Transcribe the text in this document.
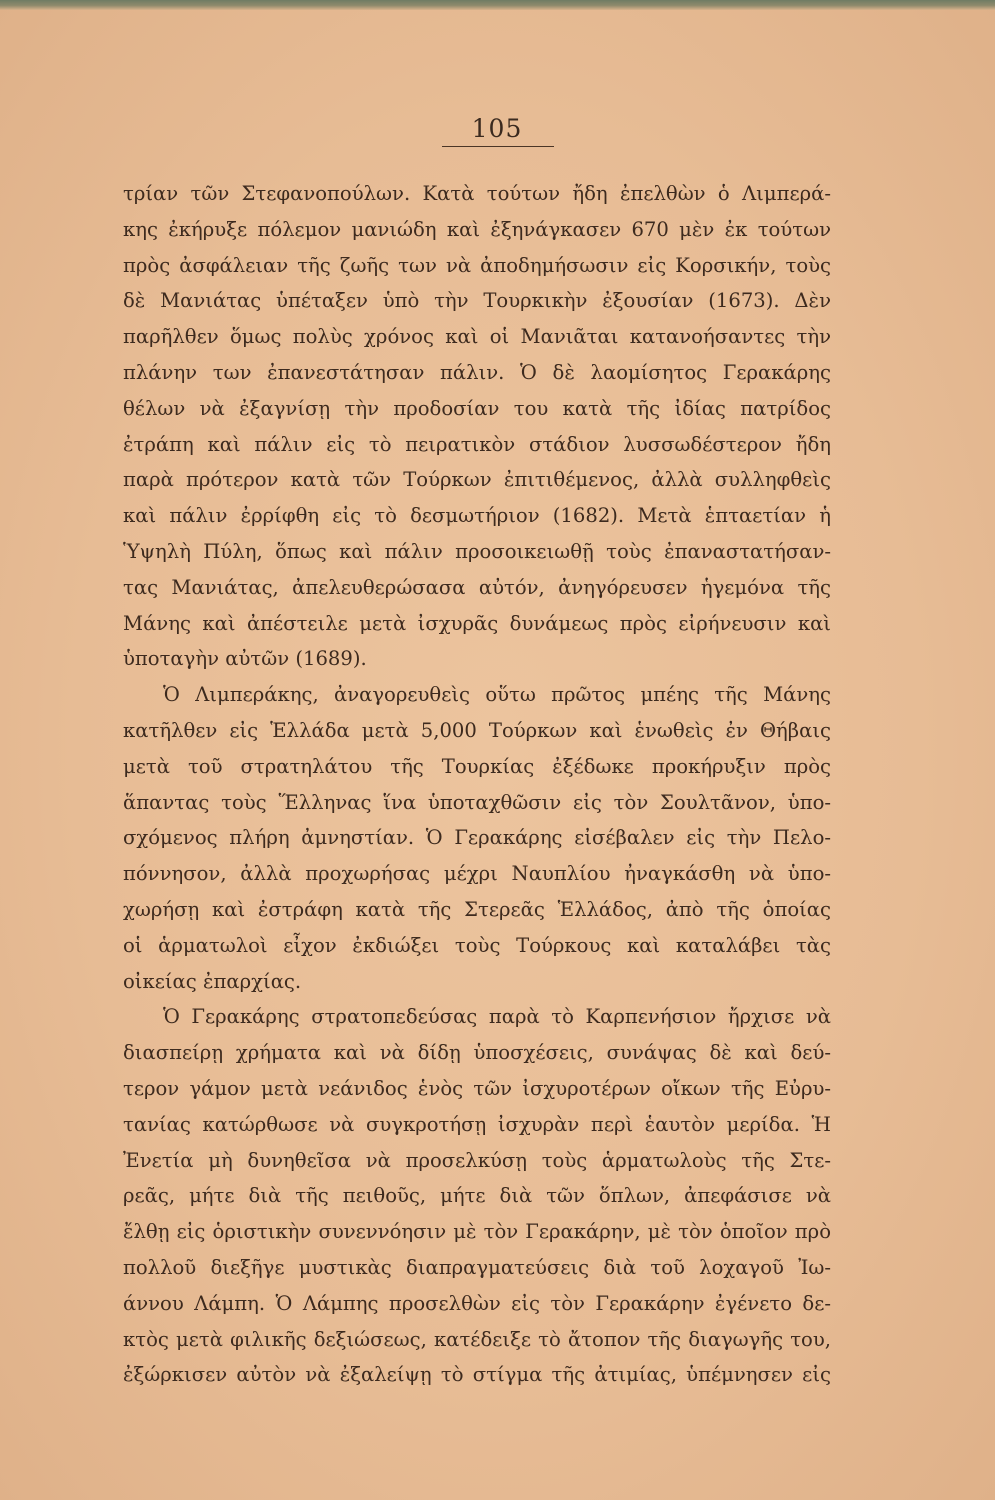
105
τρίαν τῶν Στεφανοπούλων. Κατὰ τούτων ἤδη ἐπελθὼν ὁ Λιμπερά-
κης ἐκήρυξε πόλεμον μανιώδη καὶ ἐξηνάγκασεν 670 μὲν ἐκ τούτων
πρὸς ἀσφάλειαν τῆς ζωῆς των νὰ ἀποδημήσωσιν εἰς Κορσικήν, τοὺς
δὲ Μανιάτας ὑπέταξεν ὑπὸ τὴν Τουρκικὴν ἐξουσίαν (1673). Δὲν
παρῆλθεν ὅμως πολὺς χρόνος καὶ οἱ Μανιᾶται κατανοήσαντες τὴν
πλάνην των ἐπανεστάτησαν πάλιν. Ὁ δὲ λαομίσητος Γερακάρης
θέλων νὰ ἐξαγνίσῃ τὴν προδοσίαν του κατὰ τῆς ἰδίας πατρίδος
ἐτράπη καὶ πάλιν εἰς τὸ πειρατικὸν στάδιον λυσσωδέστερον ἤδη
παρὰ πρότερον κατὰ τῶν Τούρκων ἐπιτιθέμενος, ἀλλὰ συλληφθεὶς
καὶ πάλιν ἐρρίφθη εἰς τὸ δεσμωτήριον (1682). Μετὰ ἑπταετίαν ἡ
Ὑψηλὴ Πύλη, ὅπως καὶ πάλιν προσοικειωθῇ τοὺς ἐπαναστατήσαν-
τας Μανιάτας, ἀπελευθερώσασα αὐτόν, ἀνηγόρευσεν ἡγεμόνα τῆς
Μάνης καὶ ἀπέστειλε μετὰ ἰσχυρᾶς δυνάμεως πρὸς εἰρήνευσιν καὶ
ὑποταγὴν αὐτῶν (1689).
Ὁ Λιμπεράκης, ἀναγορευθεὶς οὕτω πρῶτος μπέης τῆς Μάνης
κατῆλθεν εἰς Ἑλλάδα μετὰ 5,000 Τούρκων καὶ ἑνωθεὶς ἐν Θήβαις
μετὰ τοῦ στρατηλάτου τῆς Τουρκίας ἐξέδωκε προκήρυξιν πρὸς
ἅπαντας τοὺς Ἕλληνας ἵνα ὑποταχθῶσιν εἰς τὸν Σουλτᾶνον, ὑπο-
σχόμενος πλήρη ἀμνηστίαν. Ὁ Γερακάρης εἰσέβαλεν εἰς τὴν Πελο-
πόννησον, ἀλλὰ προχωρήσας μέχρι Ναυπλίου ἠναγκάσθη νὰ ὑπο-
χωρήσῃ καὶ ἐστράφη κατὰ τῆς Στερεᾶς Ἑλλάδος, ἀπὸ τῆς ὁποίας
οἱ ἁρματωλοὶ εἶχον ἐκδιώξει τοὺς Τούρκους καὶ καταλάβει τὰς
οἰκείας ἐπαρχίας.
Ὁ Γερακάρης στρατοπεδεύσας παρὰ τὸ Καρπενήσιον ἤρχισε νὰ
διασπείρῃ χρήματα καὶ νὰ δίδῃ ὑποσχέσεις, συνάψας δὲ καὶ δεύ-
τερον γάμον μετὰ νεάνιδος ἑνὸς τῶν ἰσχυροτέρων οἴκων τῆς Εὐρυ-
τανίας κατώρθωσε νὰ συγκροτήσῃ ἰσχυρὰν περὶ ἑαυτὸν μερίδα. Ἡ
Ἐνετία μὴ δυνηθεῖσα νὰ προσελκύσῃ τοὺς ἁρματωλοὺς τῆς Στε-
ρεᾶς, μήτε διὰ τῆς πειθοῦς, μήτε διὰ τῶν ὅπλων, ἀπεφάσισε νὰ
ἔλθῃ εἰς ὁριστικὴν συνεννόησιν μὲ τὸν Γερακάρην, μὲ τὸν ὁποῖον πρὸ
πολλοῦ διεξῆγε μυστικὰς διαπραγματεύσεις διὰ τοῦ λοχαγοῦ Ἰω-
άννου Λάμπη. Ὁ Λάμπης προσελθὼν εἰς τὸν Γερακάρην ἐγένετο δε-
κτὸς μετὰ φιλικῆς δεξιώσεως, κατέδειξε τὸ ἄτοπον τῆς διαγωγῆς του,
ἐξώρκισεν αὐτὸν νὰ ἐξαλείψῃ τὸ στίγμα τῆς ἀτιμίας, ὑπέμνησεν εἰς
